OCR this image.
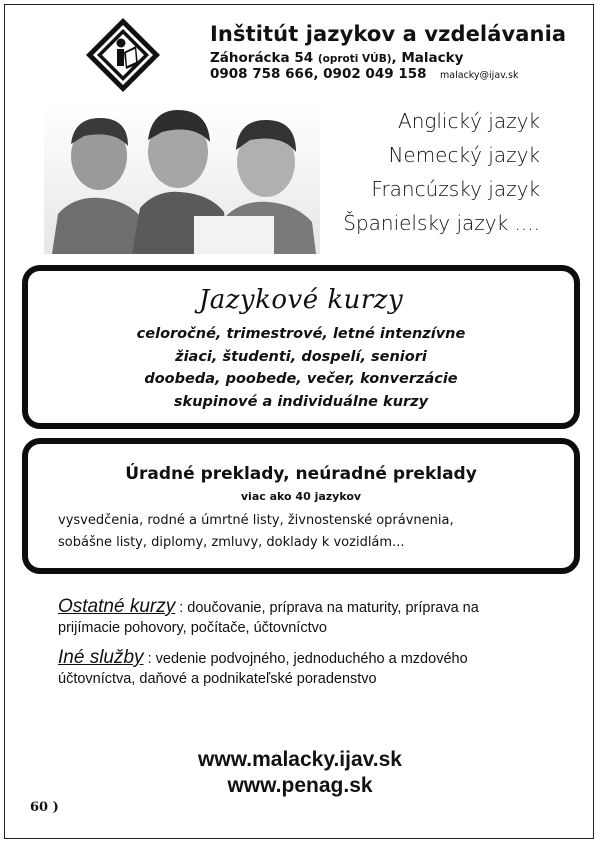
Inštitút jazykov a vzdelávania
Záhorácka 54 (oproti VÚB), Malacky
0908 758 666, 0902 049 158 malacky@ijav.sk
Anglický jazyk
Nemecký jazyk
Francúzsky jazyk
Španielsky jazyk ....
Jazykové kurzy
celoročné, trimestrové, letné intenzívne
žiaci, študenti, dospelí, seniori
doobeda, poobede, večer, konverzácie
skupinové a individuálne kurzy
Úradné preklady, neúradné preklady
viac ako 40 jazykov
vysvedčenia, rodné a úmrtné listy, živnostenské oprávnenia,
sobášne listy, diplomy, zmluvy, doklady k vozidlám...

Ostatné kurzy : doučovanie, príprava na maturity, príprava na prijímacie pohovory, počítače, účtovníctvo

Iné služby : vedenie podvojného, jednoduchého a mzdového účtovníctva, daňové a podnikateľské poradenstvo

www.malacky.ijav.sk
www.penag.sk
60 )
